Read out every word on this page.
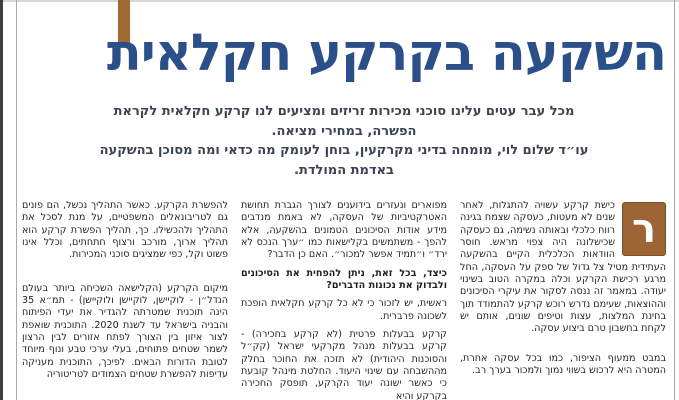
השקעה בקרקע חקלאית
מכל עבר עטים עלינו סוכני מכירות זריזים ומציעים לנו קרקע חקלאית לקראת
הפשרה, במחירי מציאה.
עו״ד שלום לוי, מומחה בדיני מקרקעין, בוחן לעומק מה כדאי ומה מסוכן בהשקעה
באדמת המולדת.

ר
כישת קרקע עשויה להתגלות, לאחר שנים לא מעטות, כעסקה שצמח בגינה רווח כלכלי ובאותה נשימה, גם כעסקה שכישלונה היה צפוי מראש. חוסר הוודאות הכלכלית הקיים בהשקעה העתידית מטיל צל גדול של ספק על העסקה, החל מרגע רכישת הקרקע וכלה במקרה הטוב בשינוי יעודה. במאמר זה ננסה לסקור את עיקרי הסיכונים וההוצאות, שעימם נדרש רוכש קרקע להתמודד תוך בחינת המלצות, עצות וטיפים שונים, אותם יש לקחת בחשבון טרם ביצוע עסקה.

במבט ממעוף הציפור, כמו בכל עסקה אחרת, המטרה היא לרכוש בשווי נמוך ולמכור בערך רב.

מפוארים ונעזרים בידוענים לצורך הגברת תחושת האטרקטיביות של העסקה, לא באמת מנדבים מידע אודות הסיכונים הטמונים בהשקעה, אלא להפך - משתמשים בקלישאות כמו ״ערך הנכס לא ירד״ ו״תמיד אפשר למכור״. האם כן הדבר?

כיצד, בכל זאת, ניתן להפחית את הסיכונים ולבדוק את נכונות הדברים?

ראשית, יש לזכור כי לא כל קרקע חקלאית הופכת לשכונה פרברית.

קרקע בבעלות פרטית (לא קרקע בחכירה) - קרקע בבעלות מנהל מקרקעי ישראל (קק״ל והסוכנות היהודית) לא תזכה את החוכר בחלק מההשבחה עם שינוי היעוד. החלטת מינהל קובעת כי כאשר ישונה יעוד הקרקע, תופסק החכירה בקרקע והיא

להפשרת הקרקע. כאשר התהליך נכשל, הם פונים גם לטריבונאלים המשפטיים, על מנת לסכל את התהליך ולהכשילו. כך, תהליך הפשרת קרקע הוא תהליך ארוך, מורכב ורצוף חתחתים, וכלל אינו פשוט וקל, כפי שמציגים סוכני המכירות.

מיקום הקרקע (הקלישאה השכיחה ביותר בעולם הנדל״ן - לוקיישן, לוקיישן ולוקיישן) - תמ״א 35 הינה תוכנית שמטרתה להגדיר את יעדי הפיתוח והבניה בישראל עד לשנת 2020. התוכנית שואפת לצור איזון בין הצורך לפתח אזורים לבין הרצון לשמר שטחים פתוחים, בעלי ערכי טבע ונוף מיוחד לטובת הדורות הבאים. לפיכך, התוכנית מעניקה עדיפות להפשרת שטחים הצמודים לטריטוריה
